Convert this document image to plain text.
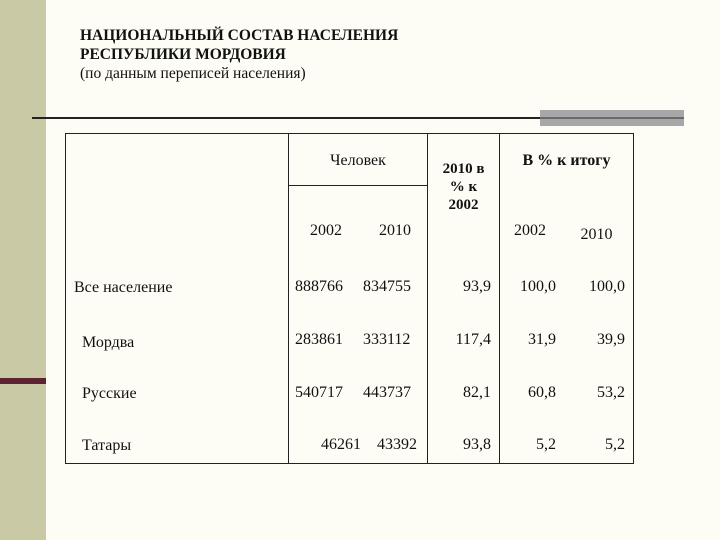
НАЦИОНАЛЬНЫЙ СОСТАВ НАСЕЛЕНИЯ
РЕСПУБЛИКИ МОРДОВИЯ
(по данным переписей населения)
	Человек		2010 в % к 2002	В % к итогу	
	2002	2010		2002	2010
Все население	888766	834755	93,9	100,0	100,0
Мордва	283861	333112	117,4	31,9	39,9
Русские	540717	443737	82,1	60,8	53,2
Татары	46261	43392	93,8	5,2	5,2
